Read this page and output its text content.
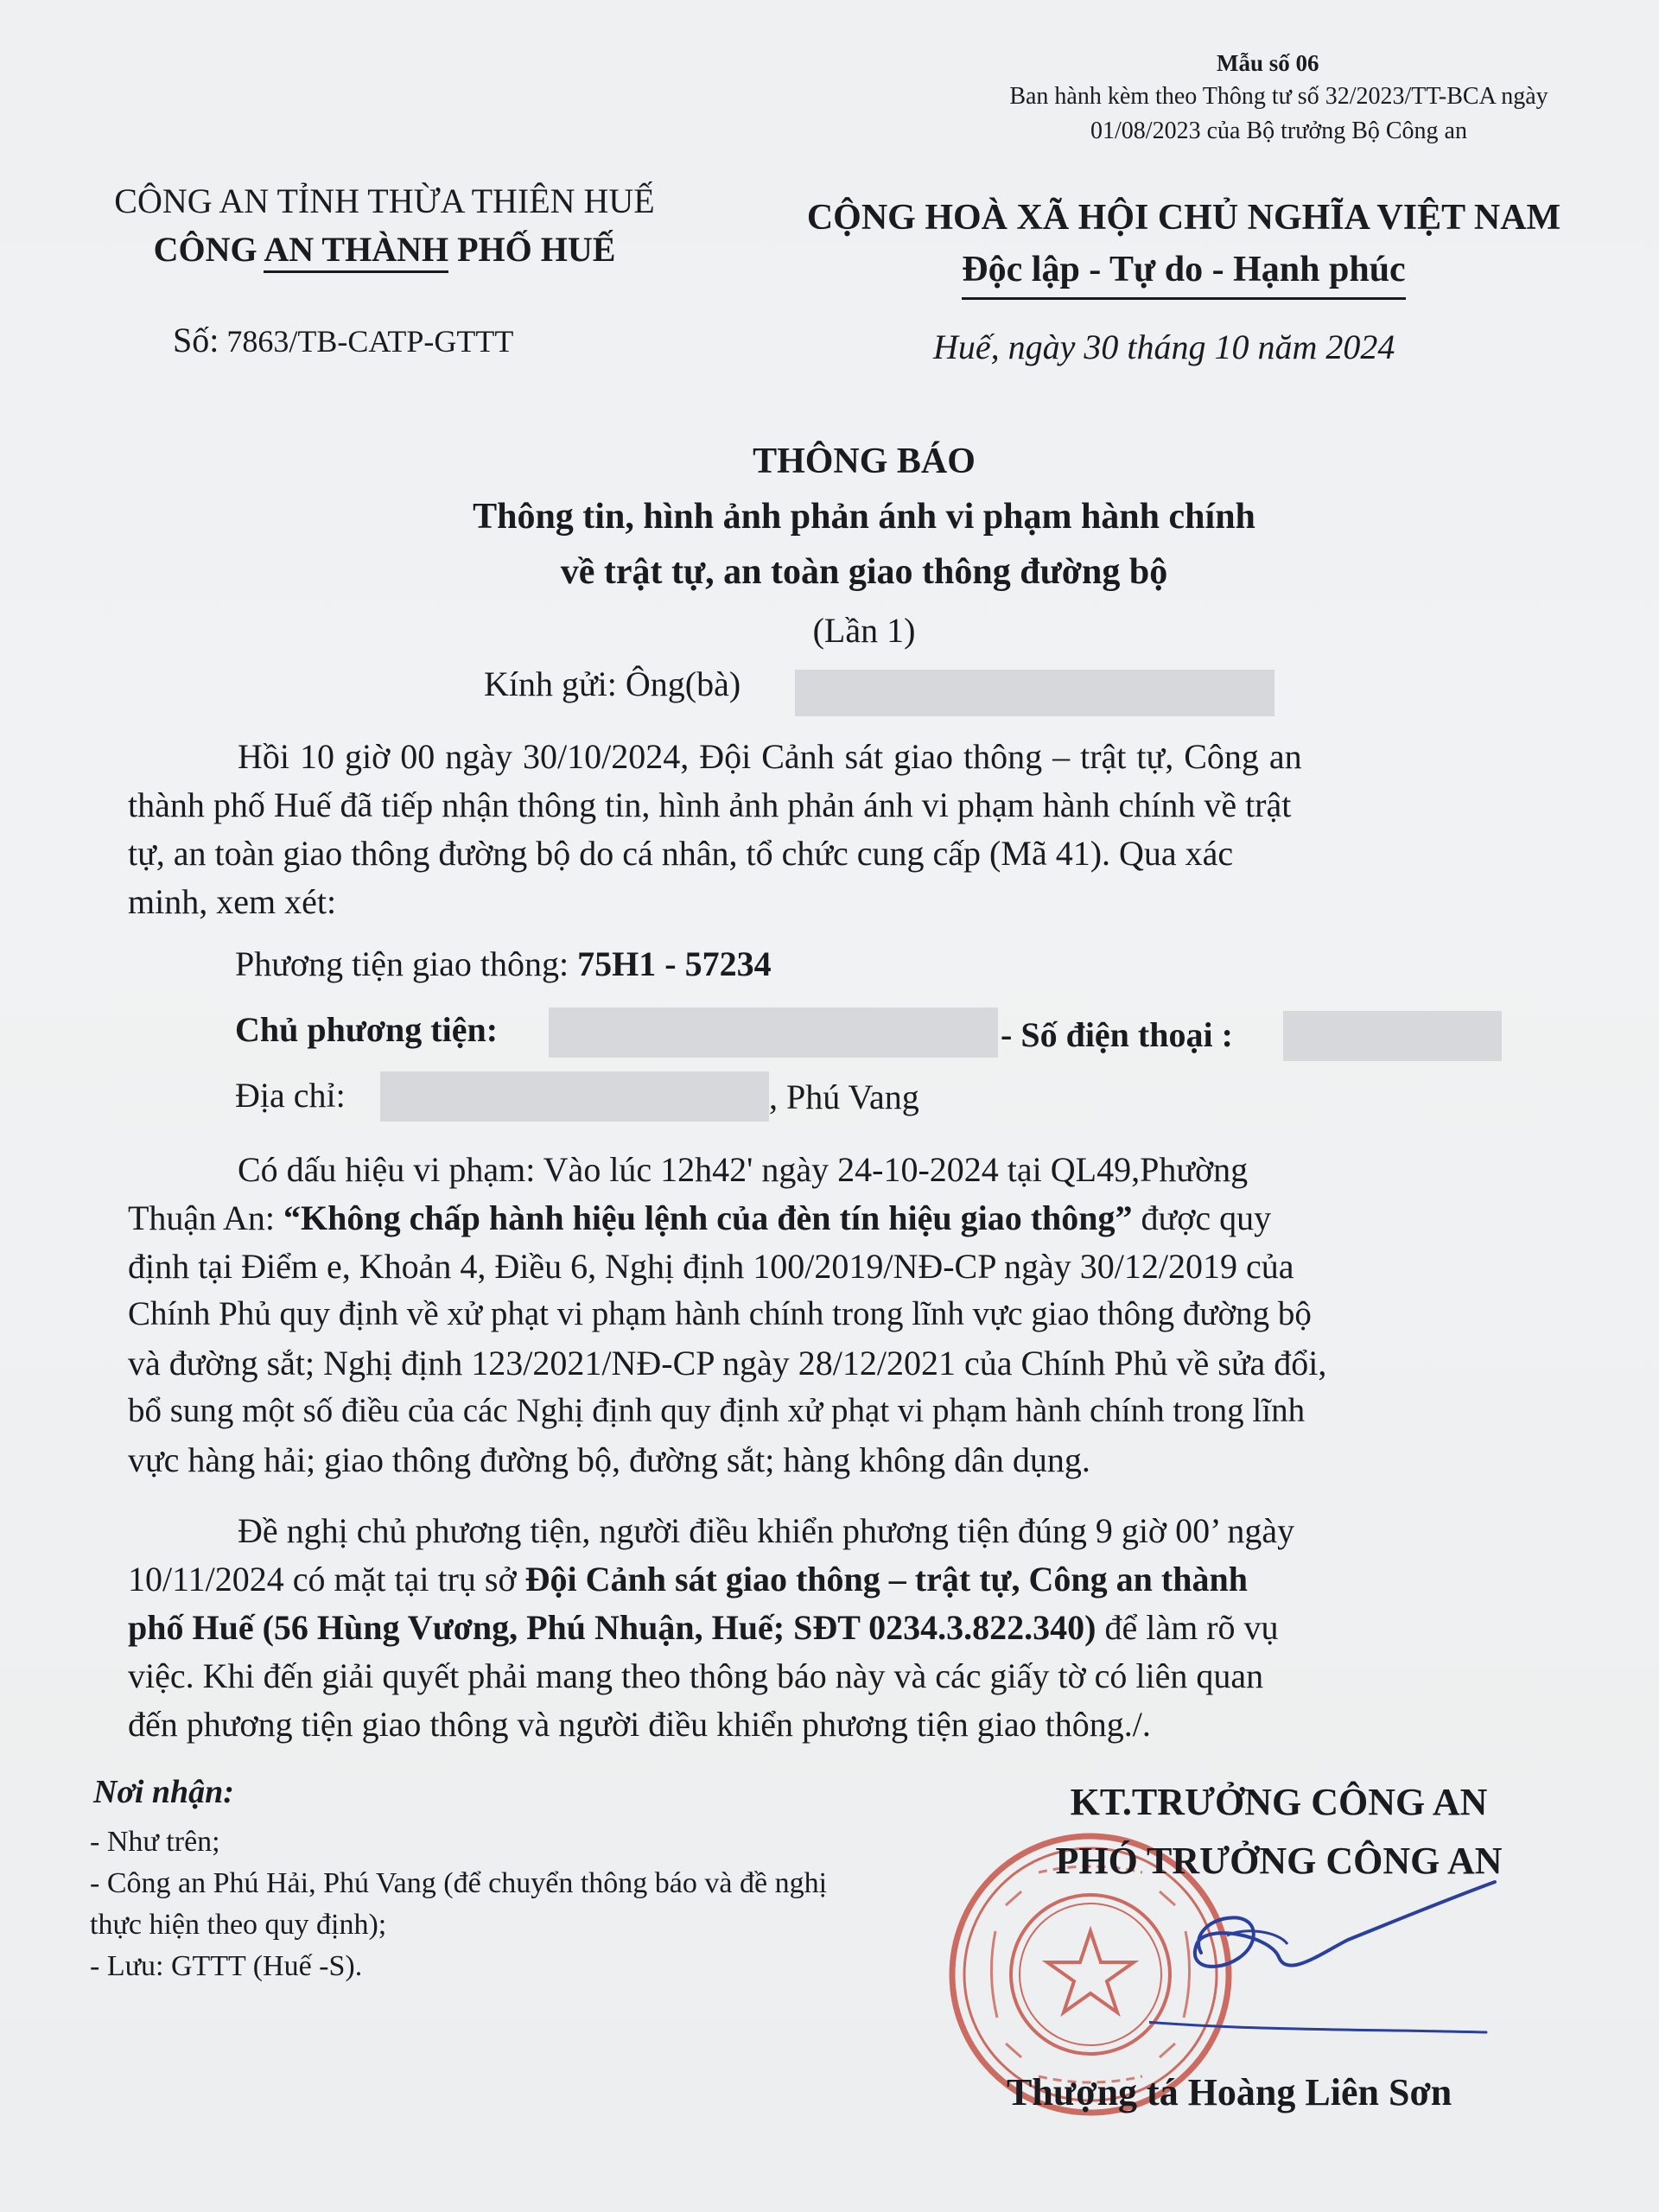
Mẫu số 06
Ban hành kèm theo Thông tư số 32/2023/TT-BCA ngày 01/08/2023 của Bộ trưởng Bộ Công an
CÔNG AN TỈNH THỪA THIÊN HUẾ
CÔNG AN THÀNH PHỐ HUẾ
Số: 7863/TB-CATP-GTTT
CỘNG HOÀ XÃ HỘI CHỦ NGHĨA VIỆT NAM
Độc lập - Tự do - Hạnh phúc
Huế, ngày 30 tháng 10 năm 2024
THÔNG BÁO
Thông tin, hình ảnh phản ánh vi phạm hành chính
về trật tự, an toàn giao thông đường bộ
(Lần 1)
Kính gửi: Ông(bà)
Hồi 10 giờ 00 ngày 30/10/2024, Đội Cảnh sát giao thông – trật tự, Công an
thành phố Huế đã tiếp nhận thông tin, hình ảnh phản ánh vi phạm hành chính về trật
tự, an toàn giao thông đường bộ do cá nhân, tổ chức cung cấp (Mã 41). Qua xác
minh, xem xét:
Phương tiện giao thông: 75H1 - 57234
Chủ phương tiện:	- Số điện thoại :
Địa chỉ:	, Phú Vang
Có dấu hiệu vi phạm: Vào lúc 12h42' ngày 24-10-2024 tại QL49,Phường
Thuận An: “Không chấp hành hiệu lệnh của đèn tín hiệu giao thông” được quy
định tại Điểm e, Khoản 4, Điều 6, Nghị định 100/2019/NĐ-CP ngày 30/12/2019 của
Chính Phủ quy định về xử phạt vi phạm hành chính trong lĩnh vực giao thông đường bộ
và đường sắt; Nghị định 123/2021/NĐ-CP ngày 28/12/2021 của Chính Phủ về sửa đổi,
bổ sung một số điều của các Nghị định quy định xử phạt vi phạm hành chính trong lĩnh
vực hàng hải; giao thông đường bộ, đường sắt; hàng không dân dụng.
Đề nghị chủ phương tiện, người điều khiển phương tiện đúng 9 giờ 00’ ngày
10/11/2024 có mặt tại trụ sở Đội Cảnh sát giao thông – trật tự, Công an thành
phố Huế (56 Hùng Vương, Phú Nhuận, Huế; SĐT 0234.3.822.340) để làm rõ vụ
việc. Khi đến giải quyết phải mang theo thông báo này và các giấy tờ có liên quan
đến phương tiện giao thông và người điều khiển phương tiện giao thông./.
Nơi nhận:
- Như trên;
- Công an Phú Hải, Phú Vang (để chuyển thông báo và đề nghị thực hiện theo quy định);
- Lưu: GTTT (Huế -S).
KT.TRƯỞNG CÔNG AN
PHÓ TRƯỞNG CÔNG AN
Thượng tá Hoàng Liên Sơn
